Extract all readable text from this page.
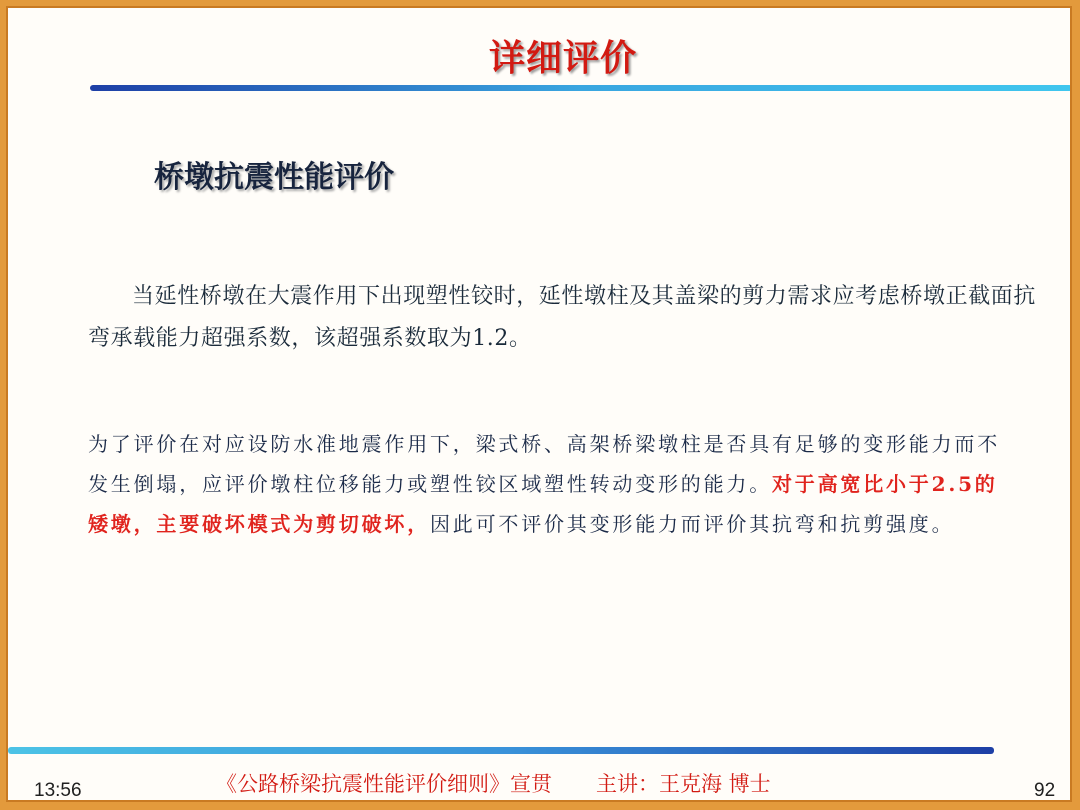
详细评价
桥墩抗震性能评价
当延性桥墩在大震作用下出现塑性铰时，延性墩柱及其盖梁的剪力需求应考虑桥墩正截面抗弯承载能力超强系数，该超强系数取为1.2。
为了评价在对应设防水准地震作用下，梁式桥、高架桥梁墩柱是否具有足够的变形能力而不发生倒塌，应评价墩柱位移能力或塑性铰区域塑性转动变形的能力。对于高宽比小于2.5的矮墩，主要破坏模式为剪切破坏，因此可不评价其变形能力而评价其抗弯和抗剪强度。
13:56	《公路桥梁抗震性能评价细则》宣贯 主讲：王克海 博士	92
